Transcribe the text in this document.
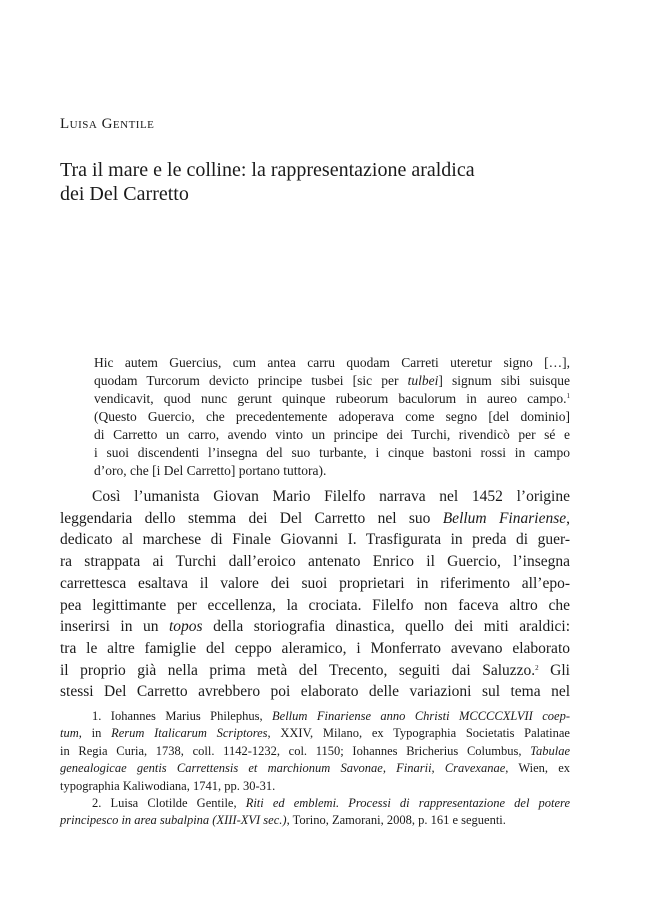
Luisa Gentile

Tra il mare e le colline: la rappresentazione araldica
dei Del Carretto
Hic autem Guercius, cum antea carru quodam Carreti uteretur signo […],
quodam Turcorum devicto principe tusbei [sic per tulbei] signum sibi suisque
vendicavit, quod nunc gerunt quinque rubeorum baculorum in aureo campo.$^1$
(Questo Guercio, che precedentemente adoperava come segno [del dominio]
di Carretto un carro, avendo vinto un principe dei Turchi, rivendicò per sé e
i suoi discendenti l’insegna del suo turbante, i cinque bastoni rossi in campo
d’oro, che [i Del Carretto] portano tuttora).
Così l’umanista Giovan Mario Filelfo narrava nel 1452 l’origine
leggendaria dello stemma dei Del Carretto nel suo Bellum Finariense,
dedicato al marchese di Finale Giovanni I. Trasfigurata in preda di guer-
ra strappata ai Turchi dall’eroico antenato Enrico il Guercio, l’insegna
carrettesca esaltava il valore dei suoi proprietari in riferimento all’epo-
pea legittimante per eccellenza, la crociata. Filelfo non faceva altro che
inserirsi in un topos della storiografia dinastica, quello dei miti araldici:
tra le altre famiglie del ceppo aleramico, i Monferrato avevano elaborato
il proprio già nella prima metà del Trecento, seguiti dai Saluzzo.$^2$ Gli
stessi Del Carretto avrebbero poi elaborato delle variazioni sul tema nel
1. Iohannes Marius Philephus, Bellum Finariense anno Christi MCCCCXLVII coep-
tum, in Rerum Italicarum Scriptores, XXIV, Milano, ex Typographia Societatis Palatinae
in Regia Curia, 1738, coll. 1142-1232, col. 1150; Iohannes Bricherius Columbus, Tabulae
genealogicae gentis Carrettensis et marchionum Savonae, Finarii, Cravexanae, Wien, ex
typographia Kaliwodiana, 1741, pp. 30-31.
2. Luisa Clotilde Gentile, Riti ed emblemi. Processi di rappresentazione del potere
principesco in area subalpina (XIII-XVI sec.), Torino, Zamorani, 2008, p. 161 e seguenti.
